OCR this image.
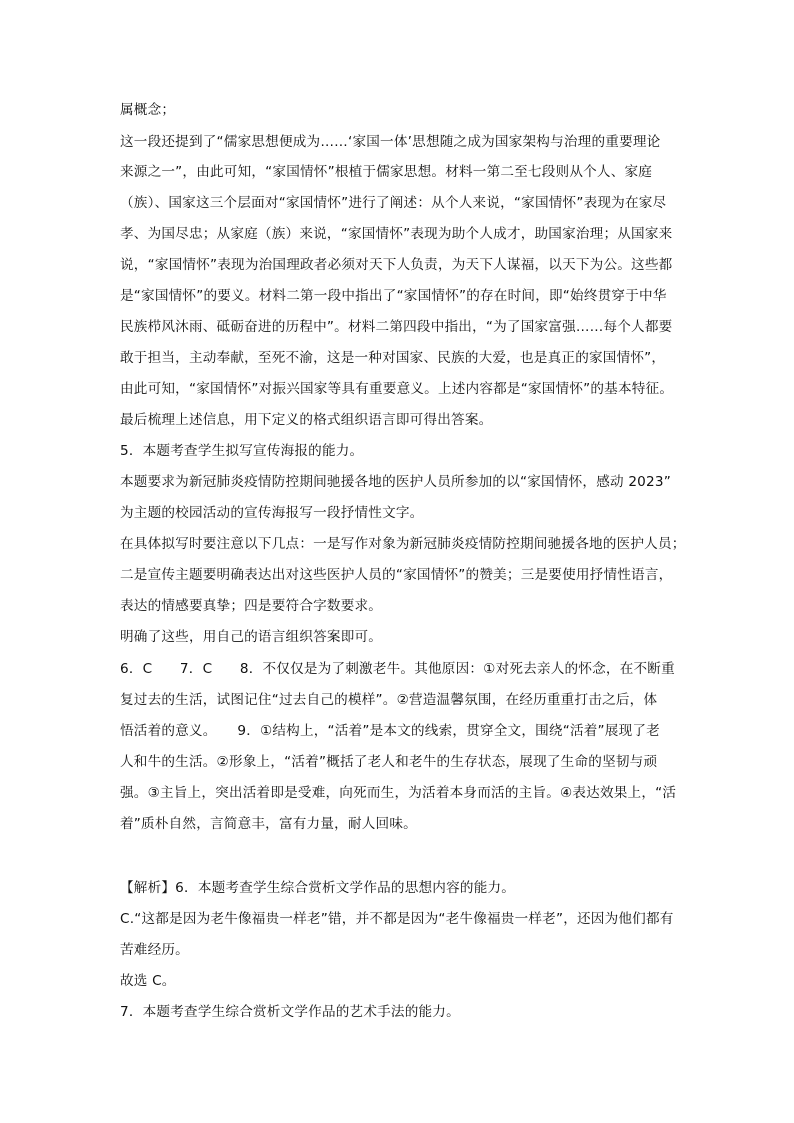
属概念；
这一段还提到了“儒家思想便成为……‘家国一体’思想随之成为国家架构与治理的重要理论
来源之一”，由此可知，“家国情怀”根植于儒家思想。材料一第二至七段则从个人、家庭
（族）、国家这三个层面对“家国情怀”进行了阐述：从个人来说，“家国情怀”表现为在家尽
孝、为国尽忠；从家庭（族）来说，“家国情怀”表现为助个人成才，助国家治理；从国家来
说，“家国情怀”表现为治国理政者必须对天下人负责，为天下人谋福，以天下为公。这些都
是“家国情怀”的要义。材料二第一段中指出了“家国情怀”的存在时间，即“始终贯穿于中华
民族栉风沐雨、砥砺奋进的历程中”。材料二第四段中指出，“为了国家富强……每个人都要
敢于担当，主动奉献，至死不渝，这是一种对国家、民族的大爱，也是真正的家国情怀”，
由此可知，“家国情怀”对振兴国家等具有重要意义。上述内容都是“家国情怀”的基本特征。
最后梳理上述信息，用下定义的格式组织语言即可得出答案。
5．本题考查学生拟写宣传海报的能力。
本题要求为新冠肺炎疫情防控期间驰援各地的医护人员所参加的以“家国情怀，感动 2023”
为主题的校园活动的宣传海报写一段抒情性文字。
在具体拟写时要注意以下几点：一是写作对象为新冠肺炎疫情防控期间驰援各地的医护人员；
二是宣传主题要明确表达出对这些医护人员的“家国情怀”的赞美；三是要使用抒情性语言，
表达的情感要真挚；四是要符合字数要求。
明确了这些，用自己的语言组织答案即可。
6．C　　7．C　　8．不仅仅是为了刺激老牛。其他原因：①对死去亲人的怀念，在不断重
复过去的生活，试图记住“过去自己的模样”。②营造温馨氛围，在经历重重打击之后，体
悟活着的意义。　　9．①结构上，“活着”是本文的线索，贯穿全文，围绕“活着”展现了老
人和牛的生活。②形象上，“活着”概括了老人和老牛的生存状态，展现了生命的坚韧与顽
强。③主旨上，突出活着即是受难，向死而生，为活着本身而活的主旨。④表达效果上，“活
着”质朴自然，言简意丰，富有力量，耐人回味。
【解析】6．本题考查学生综合赏析文学作品的思想内容的能力。
C.“这都是因为老牛像福贵一样老”错，并不都是因为“老牛像福贵一样老”，还因为他们都有
苦难经历。
故选 C。
7．本题考查学生综合赏析文学作品的艺术手法的能力。
